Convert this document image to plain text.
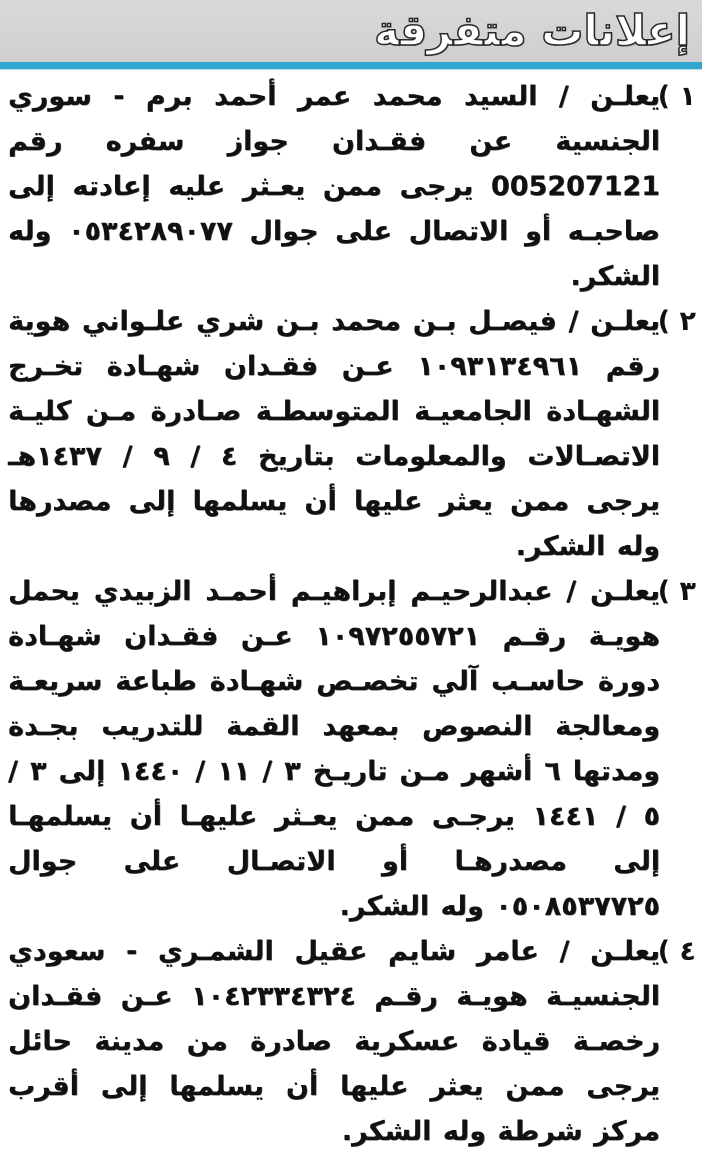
إعلانات متفرقة
١ )

يعلـن / السيد محمد عمر أحمد برم - سوري الجنسية عن فقـدان جواز سفره رقم 005207121 يرجى ممن يعـثر عليه إعادته إلى صاحبـه أو الاتصال على جوال ٠٥٣٤٢٨٩٠٧٧ وله الشكر.

٢ )

يعلـن / فيصـل بـن محمد بـن شري علـواني هوية رقم ١٠٩٣١٣٤٩٦١ عـن فقـدان شهـادة تخـرج الشهـادة الجامعيـة المتوسطـة صـادرة مـن كليـة الاتصـالات والمعلومات بتاريخ ٤ / ٩ / ١٤٣٧هـ يرجى ممن يعثر عليها أن يسلمها إلى مصدرها وله الشكر.

٣ )

يعلـن / عبدالرحيـم إبراهيـم أحمـد الزبيدي يحمل هويـة رقـم ١٠٩٧٢٥٥٧٢١ عـن فقـدان شهـادة دورة حاسـب آلي تخصـص شهـادة طباعة سريعـة ومعالجة النصوص بمعهد القمة للتدريب بجـدة ومدتها ٦ أشهر مـن تاريـخ ٣ / ١١ / ١٤٤٠ إلى ٣ / ٥ / ١٤٤١ يرجـى ممن يعـثر عليهـا أن يسلمهـا إلى مصدرهـا أو الاتصـال على جوال ٠٥٠٨٥٣٧٧٢٥ وله الشكر.

٤ )

يعلـن / عامر شايم عقيل الشمـري - سعودي الجنسيـة هويـة رقـم ١٠٤٢٣٣٤٣٢٤ عـن فقـدان رخصـة قيادة عسكرية صادرة من مدينة حائل يرجى ممن يعثر عليها أن يسلمها إلى أقرب مركز شرطة وله الشكر.
